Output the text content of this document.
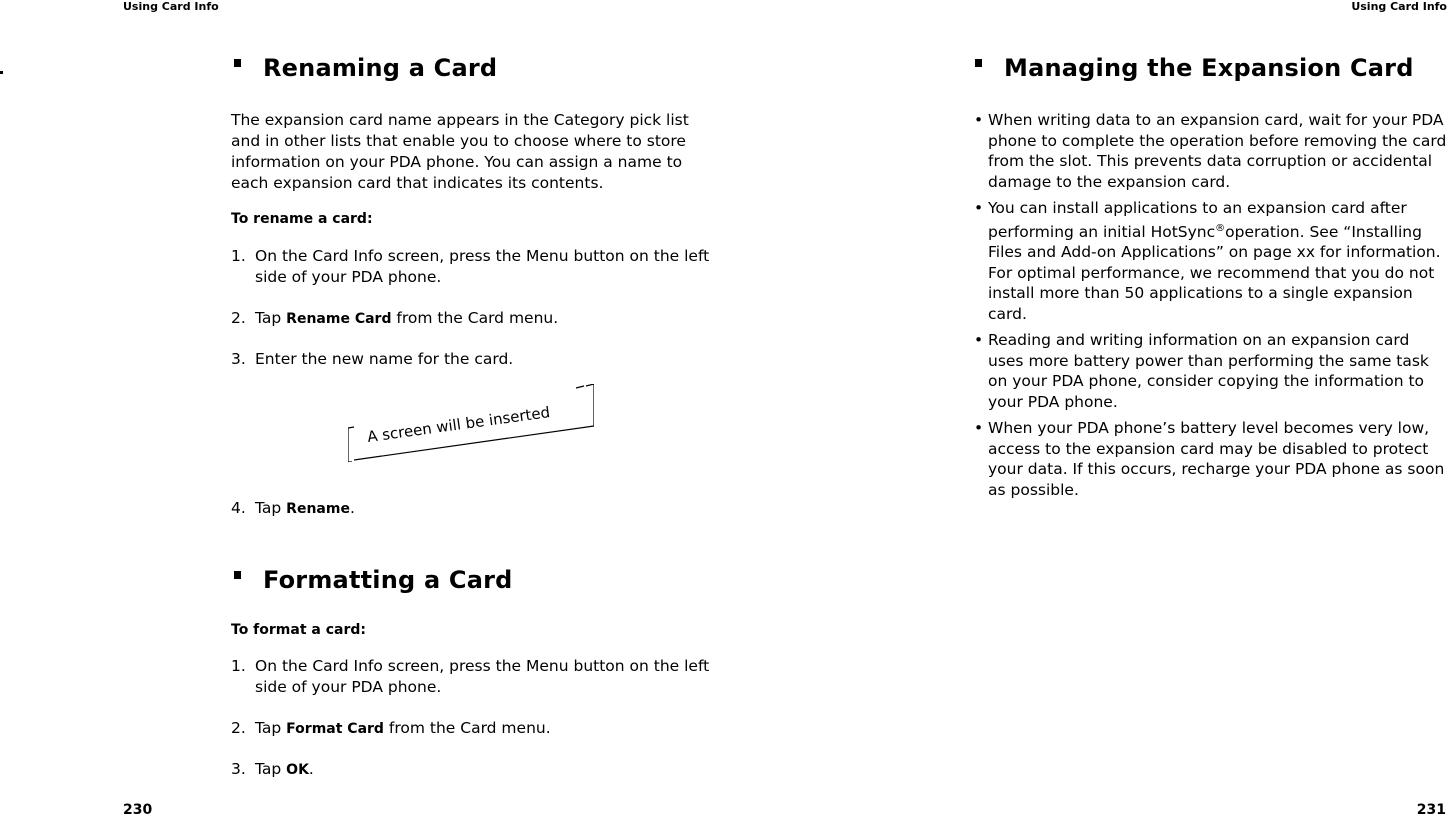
Using Card Info
Renaming a Card
The expansion card name appears in the Category pick list and in other lists that enable you to choose where to store information on your PDA phone. You can assign a name to each expansion card that indicates its contents.
To rename a card:
1. On the Card Info screen, press the Menu button on the left side of your PDA phone.
2. Tap Rename Card from the Card menu.
3. Enter the new name for the card.
A screen will be inserted
4. Tap Rename.
Formatting a Card
To format a card:
1. On the Card Info screen, press the Menu button on the left side of your PDA phone.
2. Tap Format Card from the Card menu.
3. Tap OK.
230
Using Card Info
Managing the Expansion Card
• When writing data to an expansion card, wait for your PDA phone to complete the operation before removing the card from the slot. This prevents data corruption or accidental damage to the expansion card.
• You can install applications to an expansion card after performing an initial HotSync®operation. See “Installing Files and Add-on Applications” on page xx for information. For optimal performance, we recommend that you do not install more than 50 applications to a single expansion card.
• Reading and writing information on an expansion card uses more battery power than performing the same task on your PDA phone, consider copying the information to your PDA phone.
• When your PDA phone’s battery level becomes very low, access to the expansion card may be disabled to protect your data. If this occurs, recharge your PDA phone as soon as possible.
231
